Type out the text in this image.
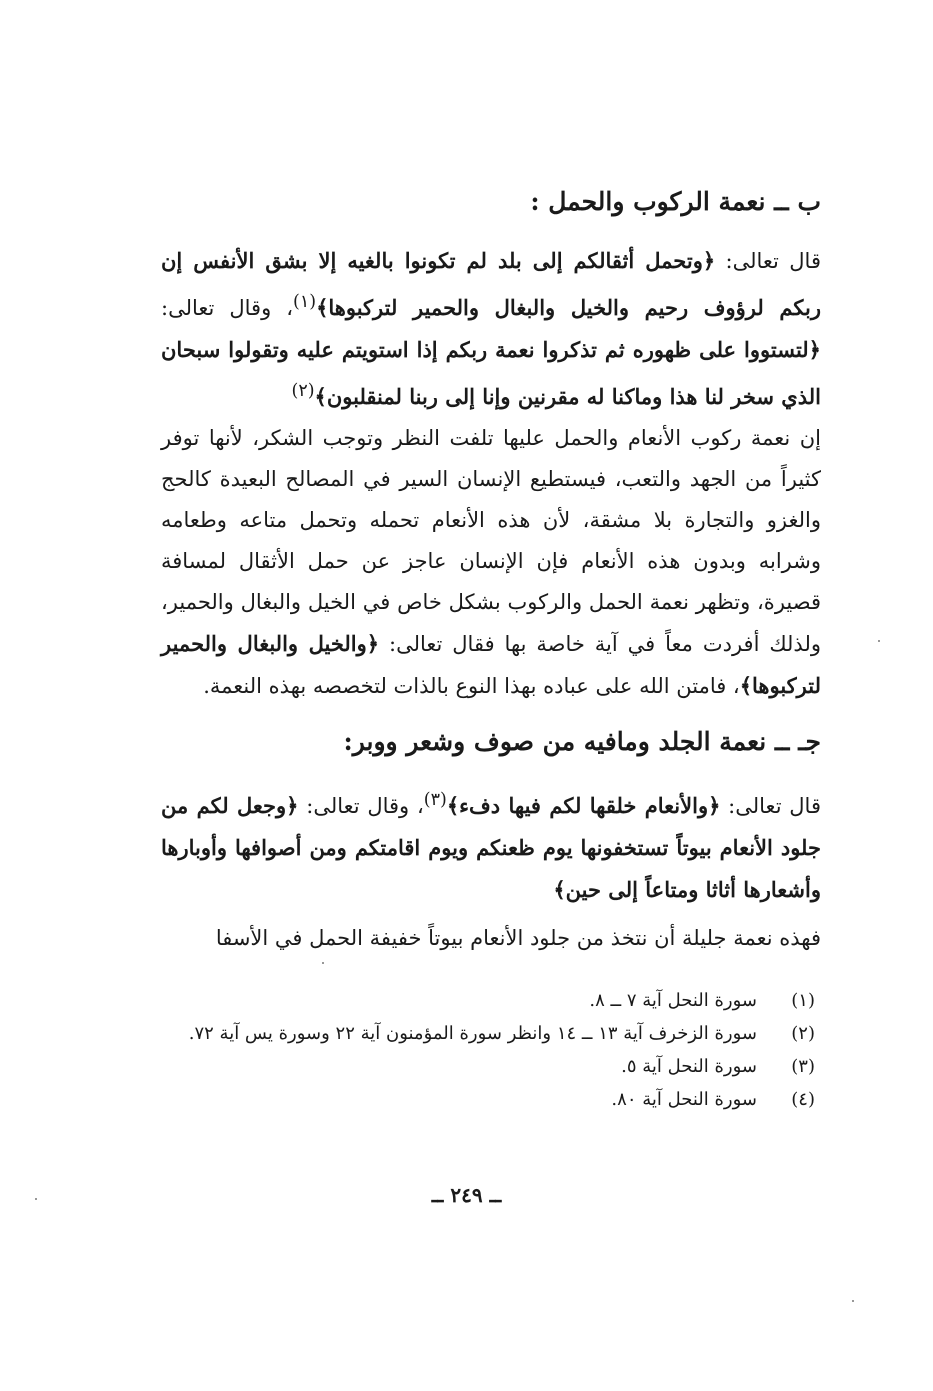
ب ــ نعمة الركوب والحمل :
قال تعالى: ﴿وتحمل أثقالكم إلى بلد لم تكونوا بالغيه إلا بشق الأنفس إن ربكم لرؤوف رحيم والخيل والبغال والحمير لتركبوها﴾$^{(١)}$، وقال تعالى: ﴿لتستووا على ظهوره ثم تذكروا نعمة ربكم إذا استويتم عليه وتقولوا سبحان الذي سخر لنا هذا وماكنا له مقرنين وإنا إلى ربنا لمنقلبون﴾$^{(٢)}$
إن نعمة ركوب الأنعام والحمل عليها تلفت النظر وتوجب الشكر، لأنها توفر كثيراً من الجهد والتعب، فيستطيع الإنسان السير في المصالح البعيدة كالحج والغزو والتجارة بلا مشقة، لأن هذه الأنعام تحمله وتحمل متاعه وطعامه وشرابه وبدون هذه الأنعام فإن الإنسان عاجز عن حمل الأثقال لمسافة قصيرة، وتظهر نعمة الحمل والركوب بشكل خاص في الخيل والبغال والحمير، ولذلك أفردت معاً في آية خاصة بها فقال تعالى: ﴿والخيل والبغال والحمير لتركبوها﴾، فامتن الله على عباده بهذا النوع بالذات لتخصصه بهذه النعمة.
جـ ــ نعمة الجلد ومافيه من صوف وشعر ووبر:
قال تعالى: ﴿والأنعام خلقها لكم فيها دفء﴾$^{(٣)}$، وقال تعالى: ﴿وجعل لكم من جلود الأنعام بيوتاً تستخفونها يوم ظعنكم ويوم اقامتكم ومن أصوافها وأوبارها وأشعارها أثاثا ومتاعاً إلى حين﴾
فهذه نعمة جليلة أن نتخذ من جلود الأنعام بيوتاً خفيفة الحمل في الأسفا
(١)
سورة النحل آية ٧ ــ ٨.
(٢)
سورة الزخرف آية ١٣ ــ ١٤ وانظر سورة المؤمنون آية ٢٢ وسورة يس آية ٧٢.
(٣)
سورة النحل آية ٥.
(٤)
سورة النحل آية ٨٠.
ــ ٢٤٩ ــ
